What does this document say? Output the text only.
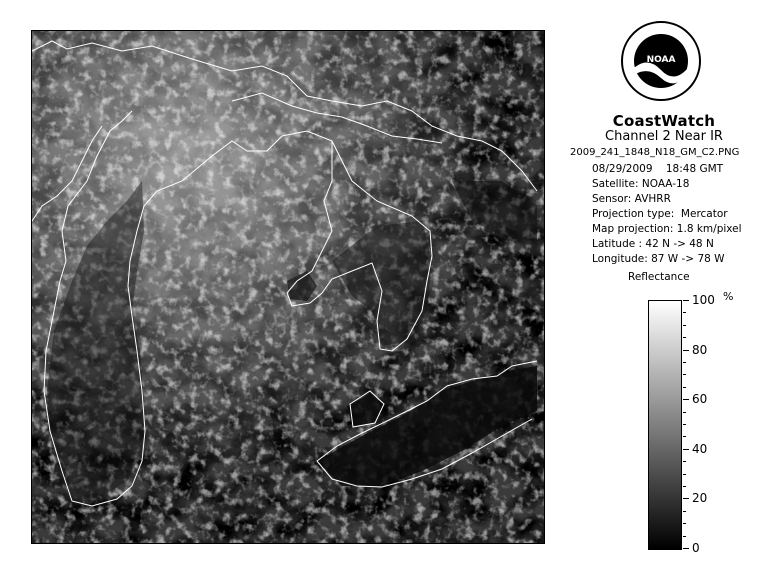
NOAA
CoastWatch
Channel 2 Near IR
2009_241_1848_N18_GM_C2.PNG
08/29/2009    18:48 GMT
Satellite: NOAA-18
Sensor: AVHRR
Projection type:  Mercator
Map projection: 1.8 km/pixel
Latitude : 42 N -> 48 N
Longitude: 87 W -> 78 W
Reflectance
%
100
80
60
40
20
0
